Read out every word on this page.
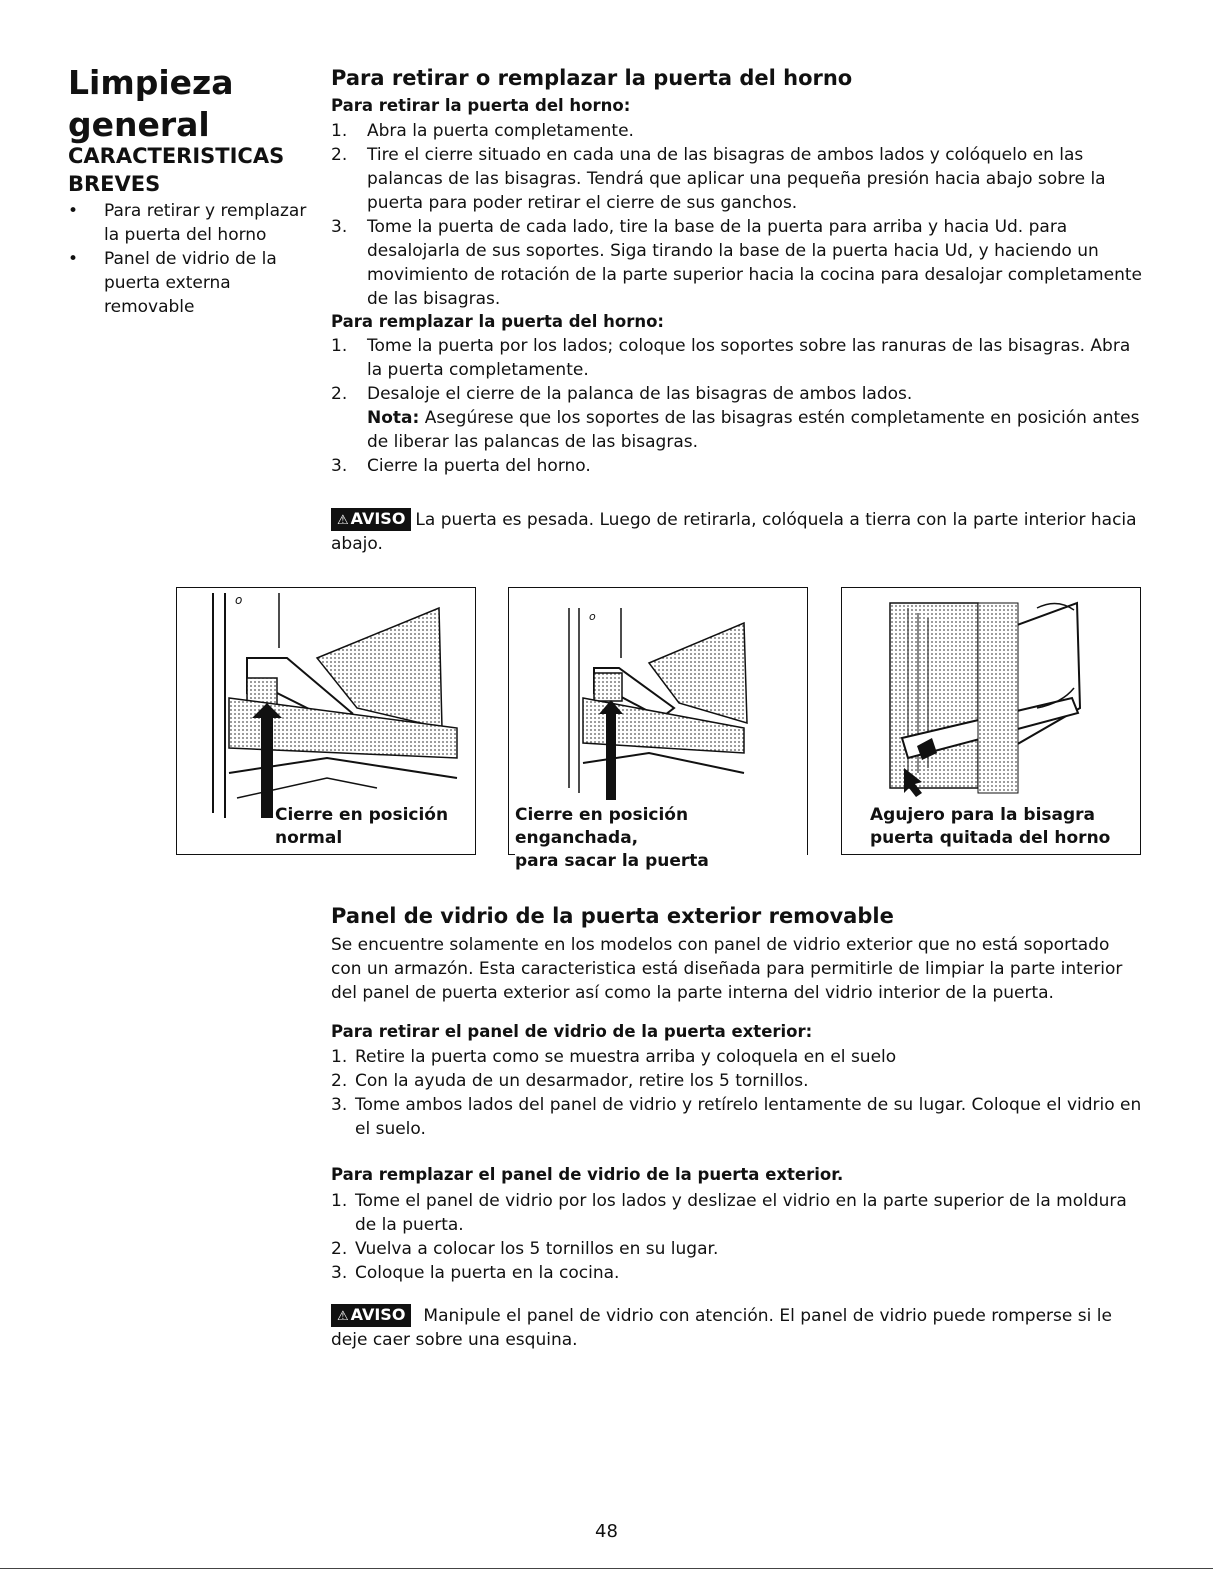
Limpieza
general
CARACTERISTICAS
BREVES
• Para retirar y remplazar la puerta del horno
• Panel de vidrio de la puerta externa removable
Para retirar o remplazar la puerta del horno
Para retirar la puerta del horno:
1. Abra la puerta completamente.
2. Tire el cierre situado en cada una de las bisagras de ambos lados y colóquelo en las palancas de las bisagras. Tendrá que aplicar una pequeña presión hacia abajo sobre la puerta para poder retirar el cierre de sus ganchos.
3. Tome la puerta de cada lado, tire la base de la puerta para arriba y hacia Ud. para desalojarla de sus soportes. Siga tirando la base de la puerta hacia Ud, y haciendo un movimiento de rotación de la parte superior hacia la cocina para desalojar completamente de las bisagras.
Para remplazar la puerta del horno:
1. Tome la puerta por los lados; coloque los soportes sobre las ranuras de las bisagras. Abra la puerta completamente.
2. Desaloje el cierre de la palanca de las bisagras de ambos lados.
Nota: Asegúrese que los soportes de las bisagras estén completamente en posición antes de liberar las palancas de las bisagras.
3. Cierre la puerta del horno.
⚠ AVISO La puerta es pesada. Luego de retirarla, colóquela a tierra con la parte interior hacia abajo.
o
Cierre en posición
normal
o
Cierre en posición enganchada,
para sacar la puerta
Agujero para la bisagra
puerta quitada del horno
Panel de vidrio de la puerta exterior removable
Se encuentre solamente en los modelos con panel de vidrio exterior que no está soportado con un armazón. Esta caracteristica está diseñada para permitirle de limpiar la parte interior del panel de puerta exterior así como la parte interna del vidrio interior de la puerta.
Para retirar el panel de vidrio de la puerta exterior:
1. Retire la puerta como se muestra arriba y coloquela en el suelo
2. Con la ayuda de un desarmador, retire los 5 tornillos.
3. Tome ambos lados del panel de vidrio y retírelo lentamente de su lugar. Coloque el vidrio en el suelo.
Para remplazar el panel de vidrio de la puerta exterior.
1. Tome el panel de vidrio por los lados y deslizae el vidrio en la parte superior de la moldura de la puerta.
2. Vuelva a colocar los 5 tornillos en su lugar.
3. Coloque la puerta en la cocina.
⚠ AVISO Manipule el panel de vidrio con atención. El panel de vidrio puede romperse si le deje caer sobre una esquina.
48
